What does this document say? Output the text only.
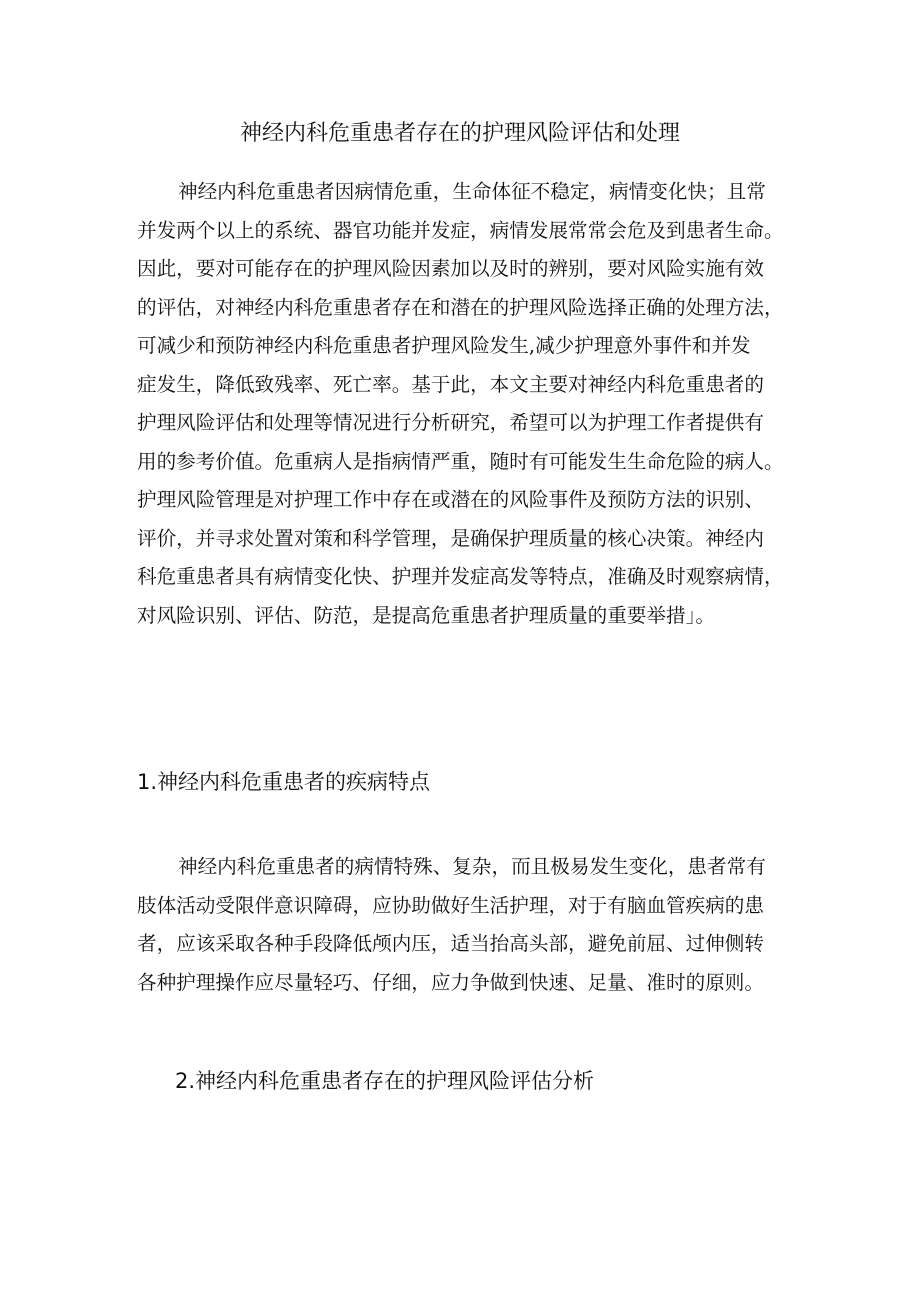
神经内科危重患者存在的护理风险评估和处理
神经内科危重患者因病情危重，生命体征不稳定，病情变化快；且常
并发两个以上的系统、器官功能并发症，病情发展常常会危及到患者生命。
因此，要对可能存在的护理风险因素加以及时的辨别，要对风险实施有效
的评估，对神经内科危重患者存在和潜在的护理风险选择正确的处理方法，
可减少和预防神经内科危重患者护理风险发生,减少护理意外事件和并发
症发生，降低致残率、死亡率。基于此，本文主要对神经内科危重患者的
护理风险评估和处理等情况进行分析研究，希望可以为护理工作者提供有
用的参考价值。危重病人是指病情严重，随时有可能发生生命危险的病人。
护理风险管理是对护理工作中存在或潜在的风险事件及预防方法的识别、
评价，并寻求处置对策和科学管理，是确保护理质量的核心决策。神经内
科危重患者具有病情变化快、护理并发症高发等特点，准确及时观察病情，
对风险识别、评估、防范，是提高危重患者护理质量的重要举措」。
1.神经内科危重患者的疾病特点
神经内科危重患者的病情特殊、复杂，而且极易发生变化，患者常有
肢体活动受限伴意识障碍，应协助做好生活护理，对于有脑血管疾病的患
者，应该采取各种手段降低颅内压，适当抬高头部，避免前屈、过伸侧转
各种护理操作应尽量轻巧、仔细，应力争做到快速、足量、准时的原则。
2.神经内科危重患者存在的护理风险评估分析
